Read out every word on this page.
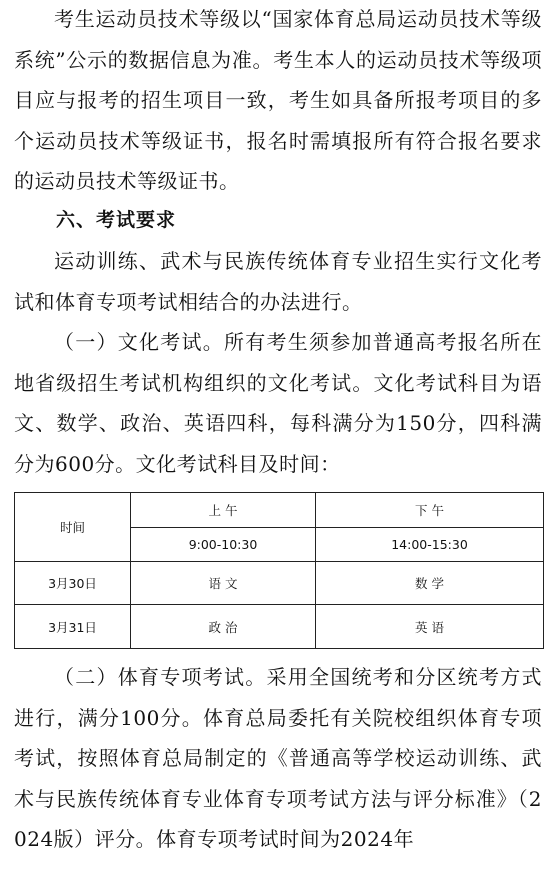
考生运动员技术等级以“国家体育总局运动员技术等级系统”公示的数据信息为准。考生本人的运动员技术等级项目应与报考的招生项目一致，考生如具备所报考项目的多个运动员技术等级证书，报名时需填报所有符合报名要求的运动员技术等级证书。

六、考试要求

运动训练、武术与民族传统体育专业招生实行文化考试和体育专项考试相结合的办法进行。

（一）文化考试。所有考生须参加普通高考报名所在地省级招生考试机构组织的文化考试。文化考试科目为语文、数学、政治、英语四科，每科满分为150分，四科满分为600分。文化考试科目及时间：

时间	上 午	下 午
	9:00-10:30	14:00-15:30
3月30日	语 文	数 学
3月31日	政 治	英 语

（二）体育专项考试。采用全国统考和分区统考方式进行，满分100分。体育总局委托有关院校组织体育专项考试，按照体育总局制定的《普通高等学校运动训练、武术与民族传统体育专业体育专项考试方法与评分标准》（2024版）评分。体育专项考试时间为2024年
